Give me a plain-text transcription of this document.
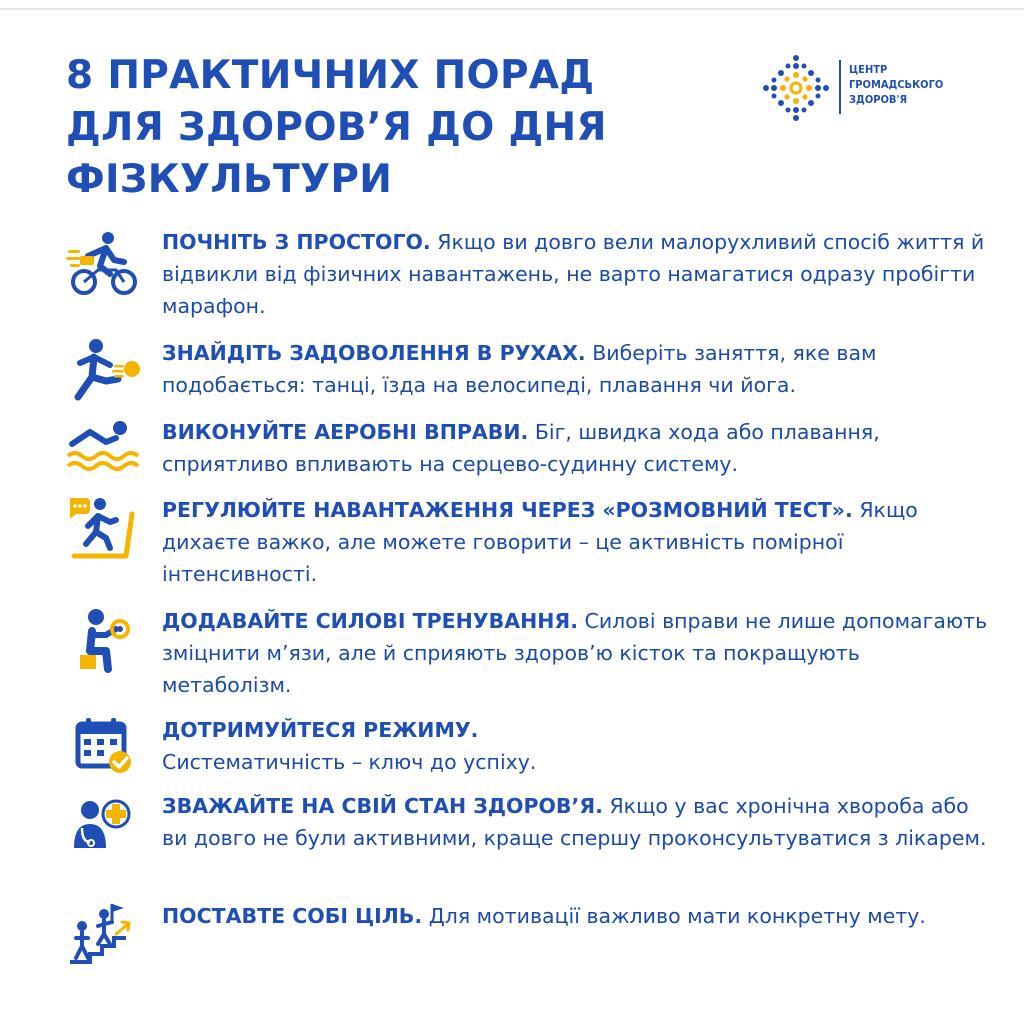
8 ПРАКТИЧНИХ ПОРАД ДЛЯ ЗДОРОВ’Я ДО ДНЯ ФІЗКУЛЬТУРИ
ЦЕНТР
ГРОМАДСЬКОГО
ЗДОРОВ'Я

ПОЧНІТЬ З ПРОСТОГО. Якщо ви довго вели малорухливий спосіб життя й відвикли від фізичних навантажень, не варто намагатися одразу пробігти марафон.

ЗНАЙДІТЬ ЗАДОВОЛЕННЯ В РУХАХ. Виберіть заняття, яке вам подобається: танці, їзда на велосипеді, плавання чи йога.

ВИКОНУЙТЕ АЕРОБНІ ВПРАВИ. Біг, швидка хода або плавання, сприятливо впливають на серцево-судинну систему.

РЕГУЛЮЙТЕ НАВАНТАЖЕННЯ ЧЕРЕЗ «РОЗМОВНИЙ ТЕСТ». Якщо дихаєте важко, але можете говорити – це активність помірної інтенсивності.

ДОДАВАЙТЕ СИЛОВІ ТРЕНУВАННЯ. Силові вправи не лише допомагають зміцнити м’язи, але й сприяють здоров’ю кісток та покращують метаболізм.

ДОТРИМУЙТЕСЯ РЕЖИМУ.
Систематичність – ключ до успіху.

ЗВАЖАЙТЕ НА СВІЙ СТАН ЗДОРОВ’Я. Якщо у вас хронічна хвороба або ви довго не були активними, краще спершу проконсультуватися з лікарем.

ПОСТАВТЕ СОБІ ЦІЛЬ. Для мотивації важливо мати конкретну мету.
